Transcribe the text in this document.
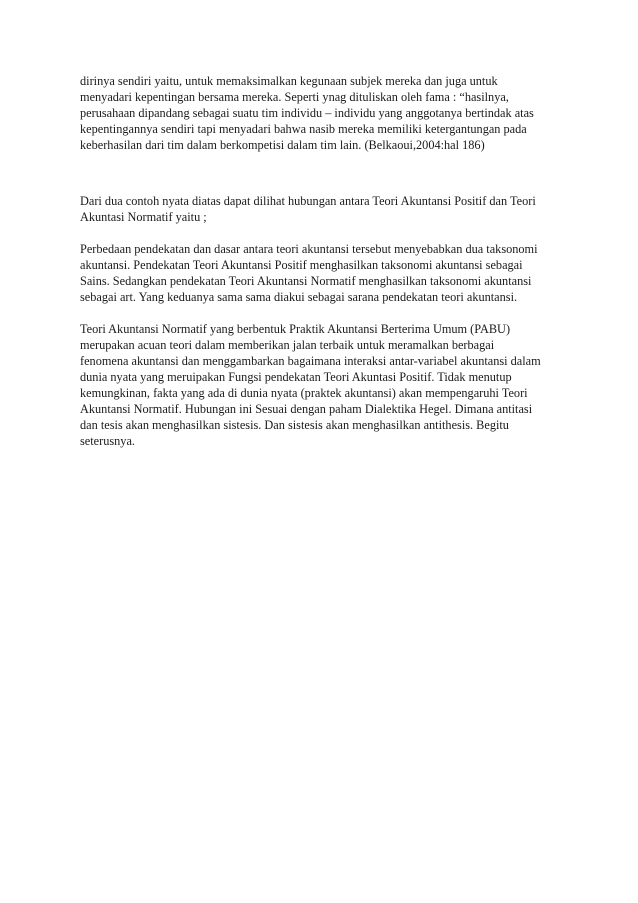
dirinya sendiri yaitu, untuk memaksimalkan kegunaan subjek mereka dan juga untuk
menyadari kepentingan bersama mereka. Seperti ynag dituliskan oleh fama : “hasilnya,
perusahaan dipandang sebagai suatu tim individu – individu yang anggotanya bertindak atas
kepentingannya sendiri tapi menyadari bahwa nasib mereka memiliki ketergantungan pada
keberhasilan dari tim dalam berkompetisi dalam tim lain. (Belkaoui,2004:hal 186)
Dari dua contoh nyata diatas dapat dilihat hubungan antara Teori Akuntansi Positif dan Teori
Akuntasi Normatif yaitu ;
Perbedaan pendekatan dan dasar antara teori akuntansi tersebut menyebabkan dua taksonomi
akuntansi. Pendekatan Teori Akuntansi Positif menghasilkan taksonomi akuntansi sebagai
Sains. Sedangkan pendekatan Teori Akuntansi Normatif menghasilkan taksonomi akuntansi
sebagai art. Yang keduanya sama sama diakui sebagai sarana pendekatan teori akuntansi.
Teori Akuntansi Normatif yang berbentuk Praktik Akuntansi Berterima Umum (PABU)
merupakan acuan teori dalam memberikan jalan terbaik untuk meramalkan berbagai
fenomena akuntansi dan menggambarkan bagaimana interaksi antar-variabel akuntansi dalam
dunia nyata yang meruipakan Fungsi pendekatan Teori Akuntasi Positif. Tidak menutup
kemungkinan, fakta yang ada di dunia nyata (praktek akuntansi) akan mempengaruhi Teori
Akuntansi Normatif. Hubungan ini Sesuai dengan paham Dialektika Hegel. Dimana antitasi
dan tesis akan menghasilkan sistesis. Dan sistesis akan menghasilkan antithesis. Begitu
seterusnya.
